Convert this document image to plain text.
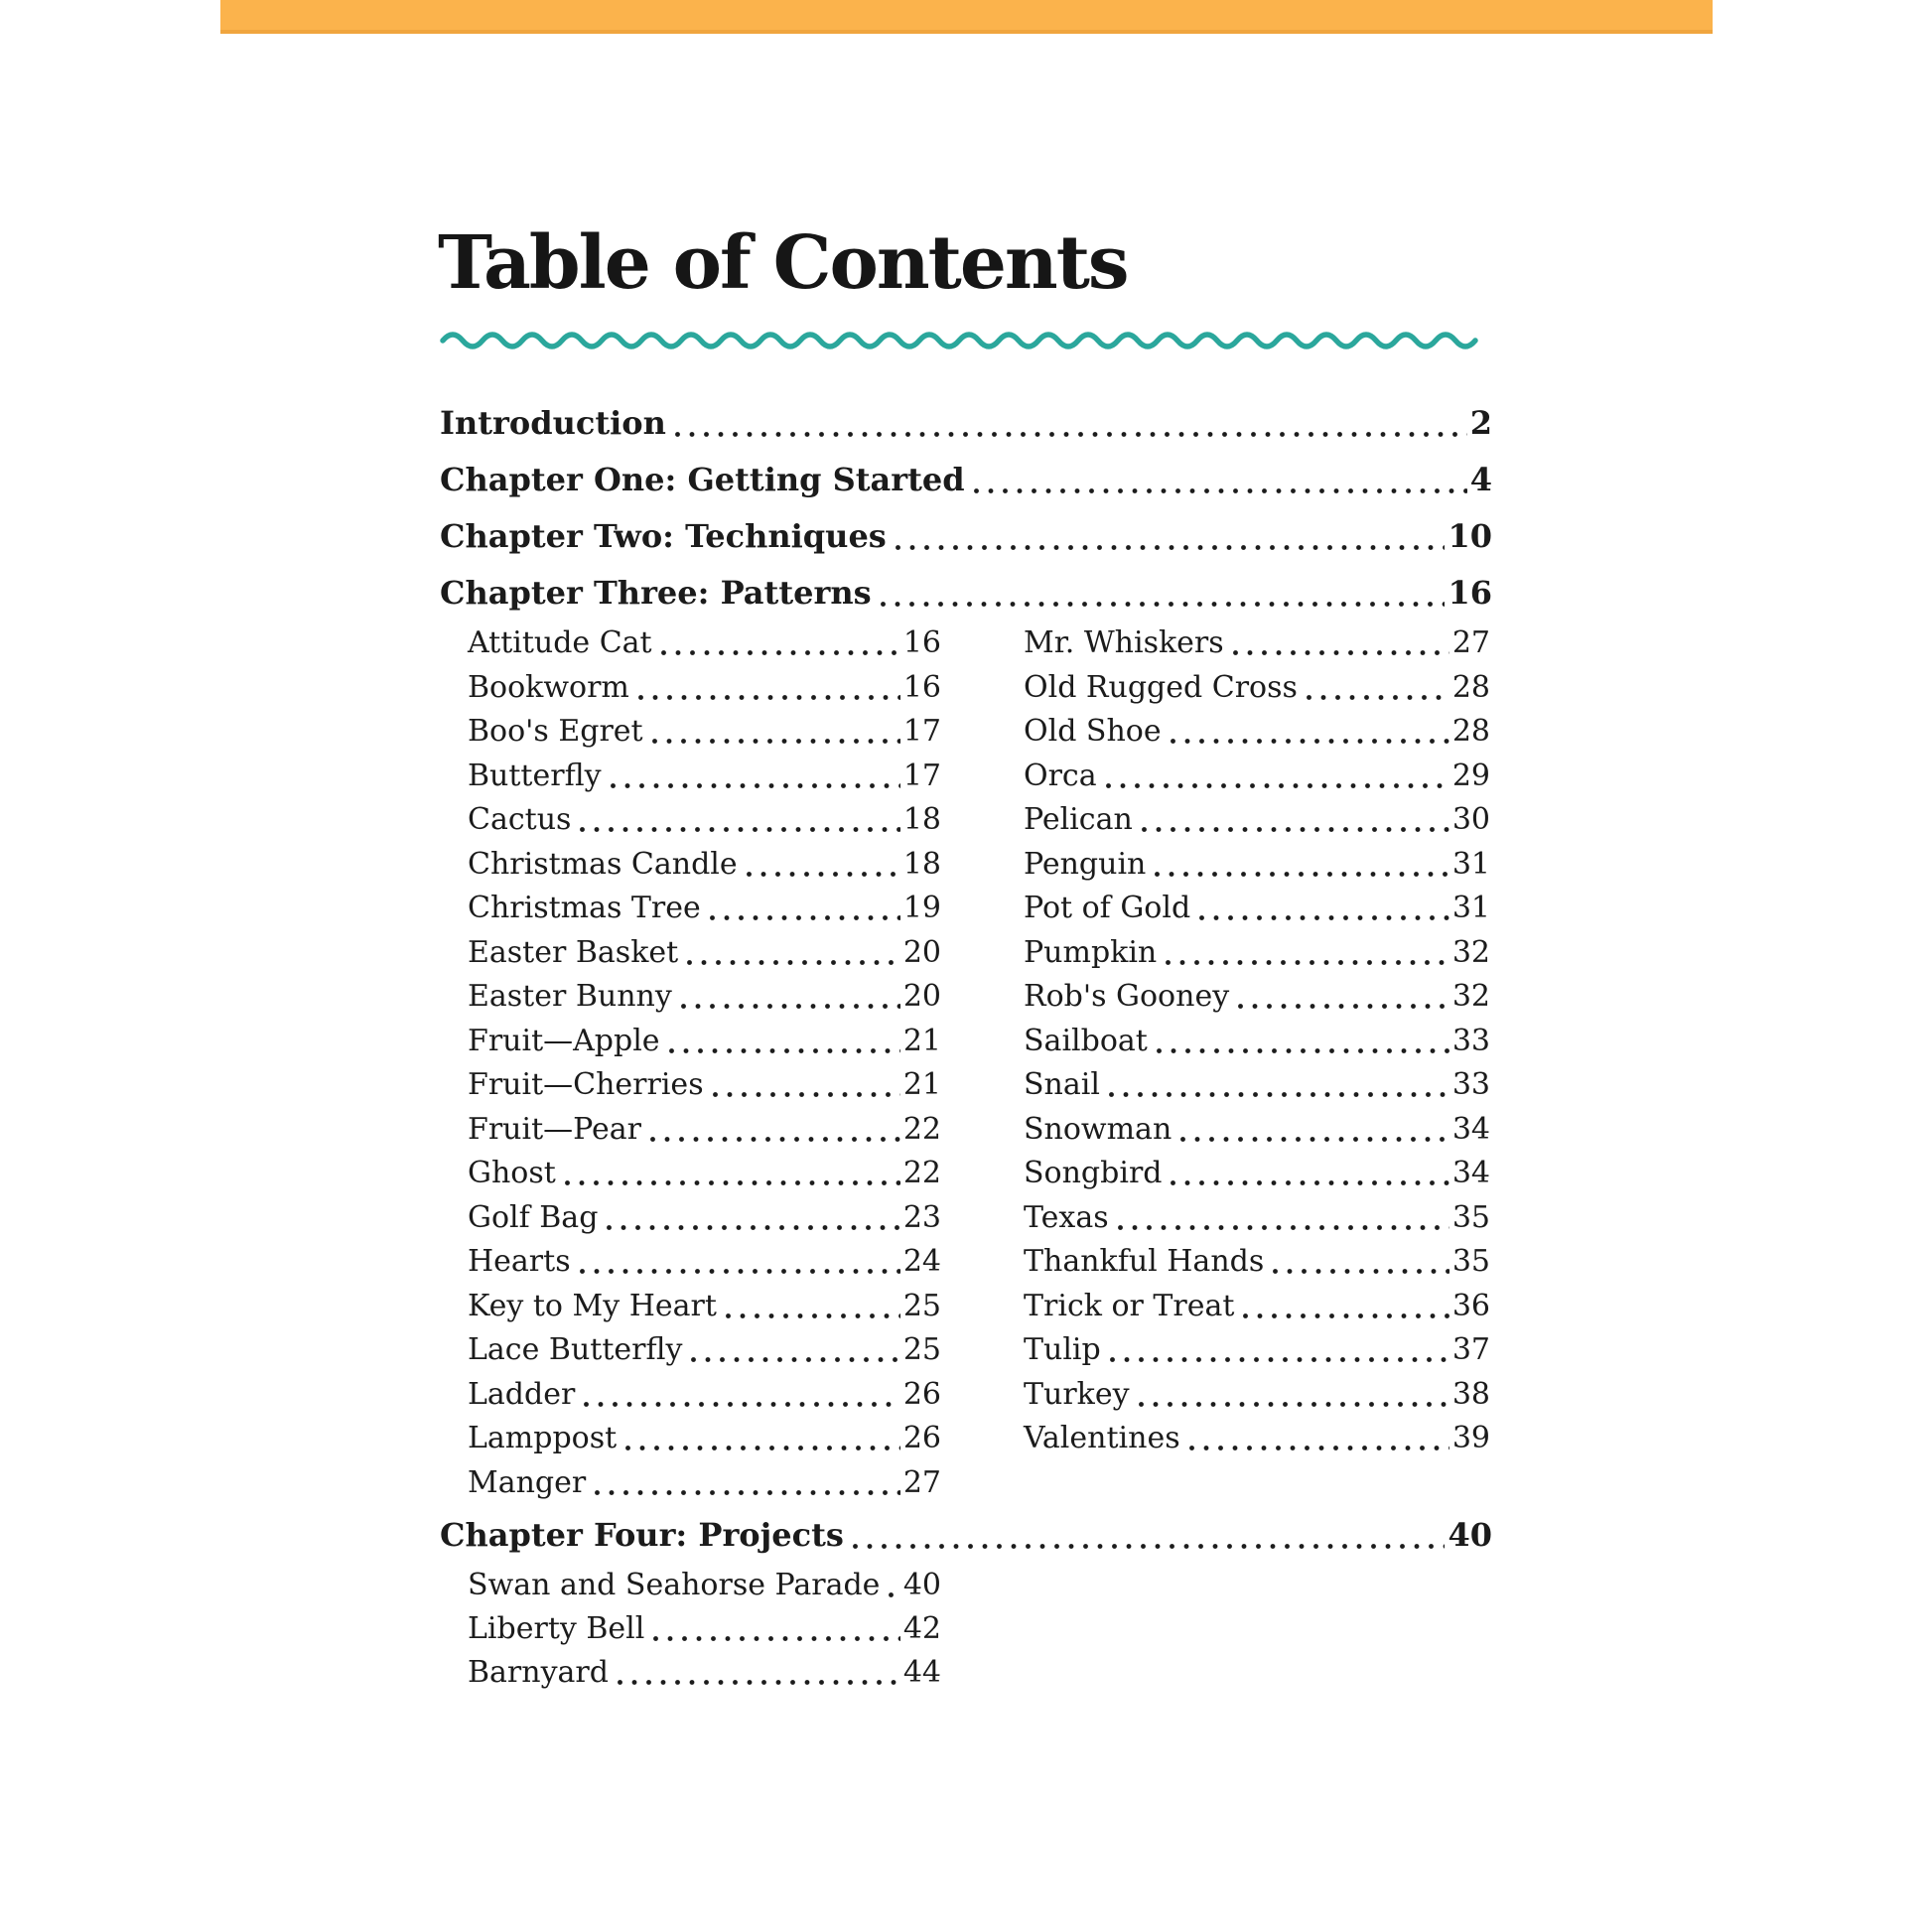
Table of Contents
Introduction	2
Chapter One: Getting Started	4
Chapter Two: Techniques	10
Chapter Three: Patterns	16
Attitude Cat	16
Bookworm	16
Boo's Egret	17
Butterfly	17
Cactus	18
Christmas Candle	18
Christmas Tree	19
Easter Basket	20
Easter Bunny	20
Fruit—Apple	21
Fruit—Cherries	21
Fruit—Pear	22
Ghost	22
Golf Bag	23
Hearts	24
Key to My Heart	25
Lace Butterfly	25
Ladder	26
Lamppost	26
Manger	27
Mr. Whiskers	27
Old Rugged Cross	28
Old Shoe	28
Orca	29
Pelican	30
Penguin	31
Pot of Gold	31
Pumpkin	32
Rob's Gooney	32
Sailboat	33
Snail	33
Snowman	34
Songbird	34
Texas	35
Thankful Hands	35
Trick or Treat	36
Tulip	37
Turkey	38
Valentines	39
Chapter Four: Projects	40
Swan and Seahorse Parade 40
Liberty Bell	42
Barnyard	44
